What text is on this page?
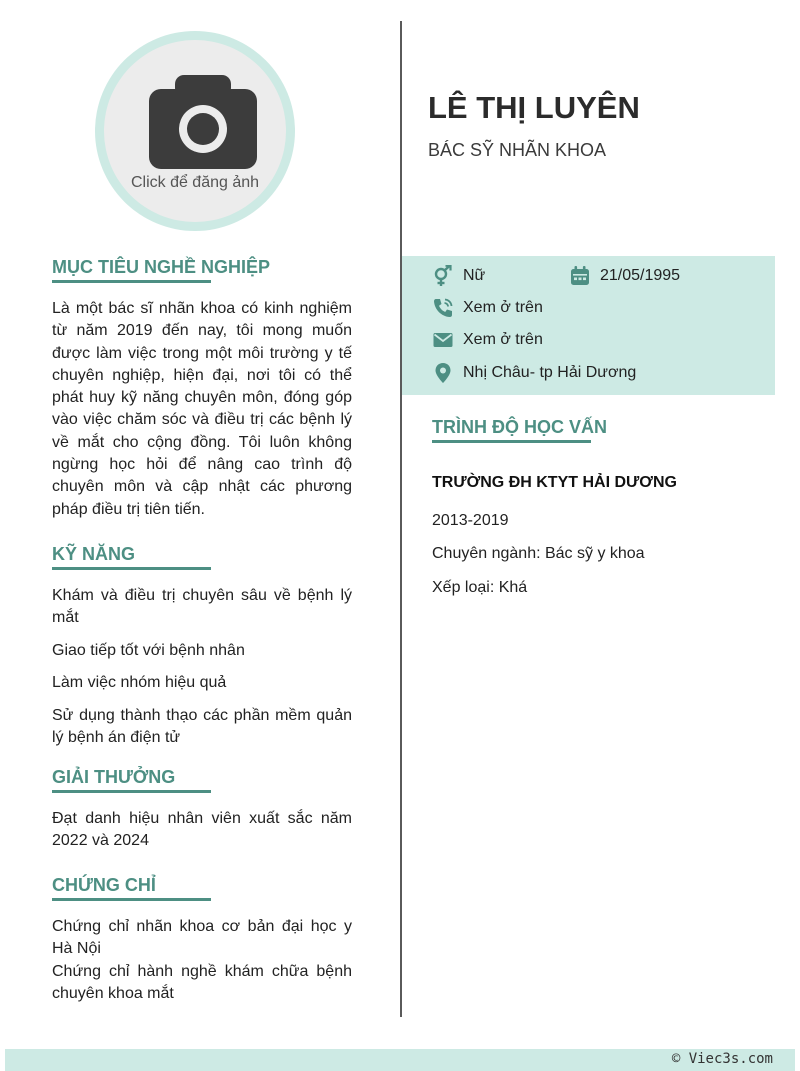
Click để đăng ảnh
MỤC TIÊU NGHỀ NGHIỆP

Là một bác sĩ nhãn khoa có kinh nghiệm từ năm 2019 đến nay, tôi mong muốn được làm việc trong một môi trường y tế chuyên nghiệp, hiện đại, nơi tôi có thể phát huy kỹ năng chuyên môn, đóng góp vào việc chăm sóc và điều trị các bệnh lý về mắt cho cộng đồng. Tôi luôn không ngừng học hỏi để nâng cao trình độ chuyên môn và cập nhật các phương pháp điều trị tiên tiến.

KỸ NĂNG

Khám và điều trị chuyên sâu về bệnh lý mắt

Giao tiếp tốt với bệnh nhân

Làm việc nhóm hiệu quả

Sử dụng thành thạo các phần mềm quản lý bệnh án điện tử

GIẢI THƯỞNG

Đạt danh hiệu nhân viên xuất sắc năm 2022 và 2024

CHỨNG CHỈ

Chứng chỉ nhãn khoa cơ bản đại học y Hà Nội

Chứng chỉ hành nghề khám chữa bệnh chuyên khoa mắt

LÊ THỊ LUYÊN
BÁC SỸ NHÃN KHOA
Nữ	21/05/1995
Xem ở trên
Xem ở trên
Nhị Châu- tp Hải Dương
TRÌNH ĐỘ HỌC VẤN
TRƯỜNG ĐH KTYT HẢI DƯƠNG
2013-2019
Chuyên ngành: Bác sỹ y khoa
Xếp loại: Khá
© Viec3s.com
